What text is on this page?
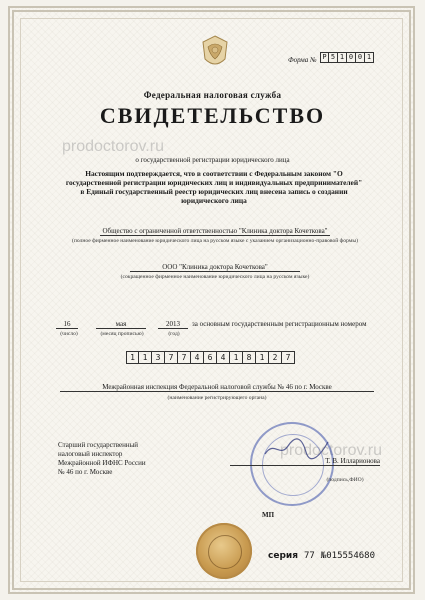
prodoctorov.ru
prodoctorov.ru
Форма № Р 5 1 0 0 1
Федеральная налоговая служба
СВИДЕТЕЛЬСТВО
о государственной регистрации юридического лица
Настоящим подтверждается, что в соответствии с Федеральным законом "О государственной регистрации юридических лиц и индивидуальных предпринимателей" в Единый государственный реестр юридических лиц внесена запись о создании юридического лица
Общество с ограниченной ответственностью "Клиника доктора Кочеткова"
(полное фирменное наименование юридического лица на русском языке с указанием организационно-правовой формы)
ООО "Клиника доктора Кочеткова"
(сокращенное фирменное наименование юридического лица на русском языке)
16	мая	2013	за основным государственным регистрационным номером
(число)	(месяц прописью)	(год)
1 1	3	7	7	4	6	4	1	8	1	2	7
Межрайонная инспекция Федеральной налоговой службы № 46 по г. Москве
(наименование регистрирующего органа)
Старший государственный
налоговый инспектор
Межрайонной ИФНС России
№ 46 по г. Москве
Т. В. Илларионова
(подпись,ФИО)
МП
серия 77 №015554680
